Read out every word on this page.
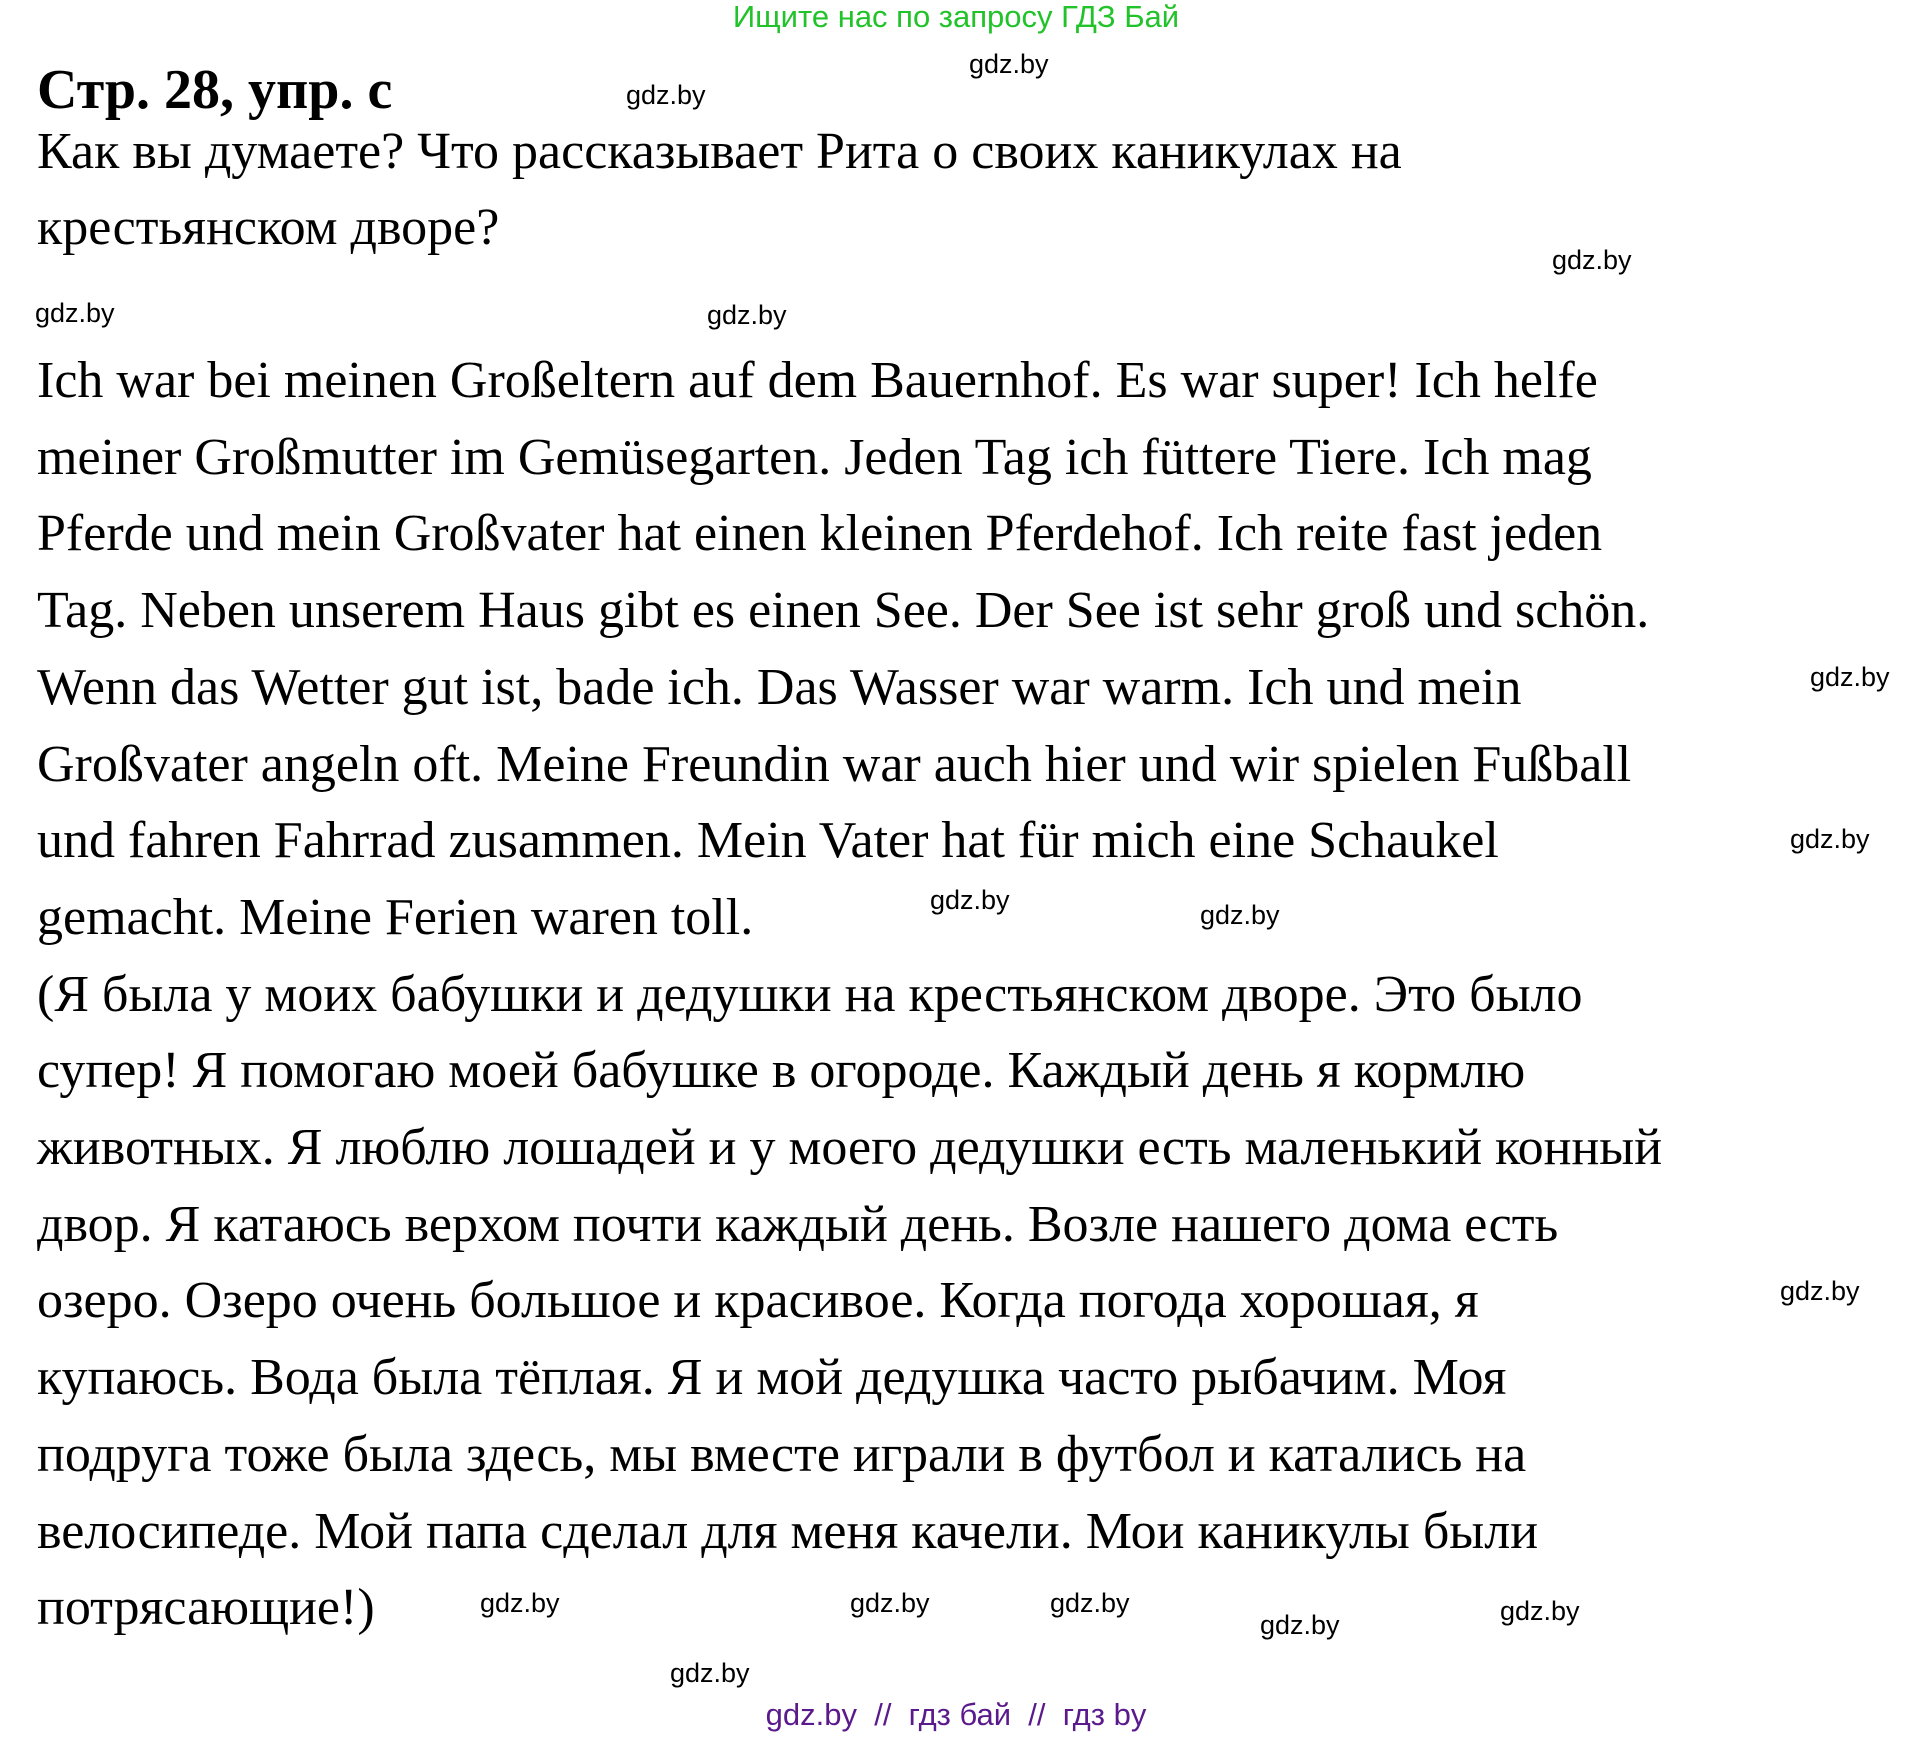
Ищите нас по запросу ГДЗ Бай
Стр. 28, упр. c
Как вы думаете? Что рассказывает Рита о своих каникулах на
крестьянском дворе?
Ich war bei meinen Großeltern auf dem Bauernhof. Es war super! Ich helfe
meiner Großmutter im Gemüsegarten. Jeden Tag ich füttere Tiere. Ich mag
Pferde und mein Großvater hat einen kleinen Pferdehof. Ich reite fast jeden
Tag. Neben unserem Haus gibt es einen See. Der See ist sehr groß und schön.
Wenn das Wetter gut ist, bade ich. Das Wasser war warm. Ich und mein
Großvater angeln oft. Meine Freundin war auch hier und wir spielen Fußball
und fahren Fahrrad zusammen. Mein Vater hat für mich eine Schaukel
gemacht. Meine Ferien waren toll.
(Я была у моих бабушки и дедушки на крестьянском дворе. Это было
супер! Я помогаю моей бабушке в огороде. Каждый день я кормлю
животных. Я люблю лошадей и у моего дедушки есть маленький конный
двор. Я катаюсь верхом почти каждый день. Возле нашего дома есть
озеро. Озеро очень большое и красивое. Когда погода хорошая, я
купаюсь. Вода была тёплая. Я и мой дедушка часто рыбачим. Моя
подруга тоже была здесь, мы вместе играли в футбол и катались на
велосипеде. Мой папа сделал для меня качели. Мои каникулы были
потрясающие!)
gdz.by
gdz.by
gdz.by
gdz.by	gdz.by
gdz.by
gdz.by
gdz.by
gdz.by
gdz.by	gdz.by
gdz.by
gdz.by
gdz.by
gdz.by
gdz.by
gdz.by  //  гдз бай  //  гдз by
